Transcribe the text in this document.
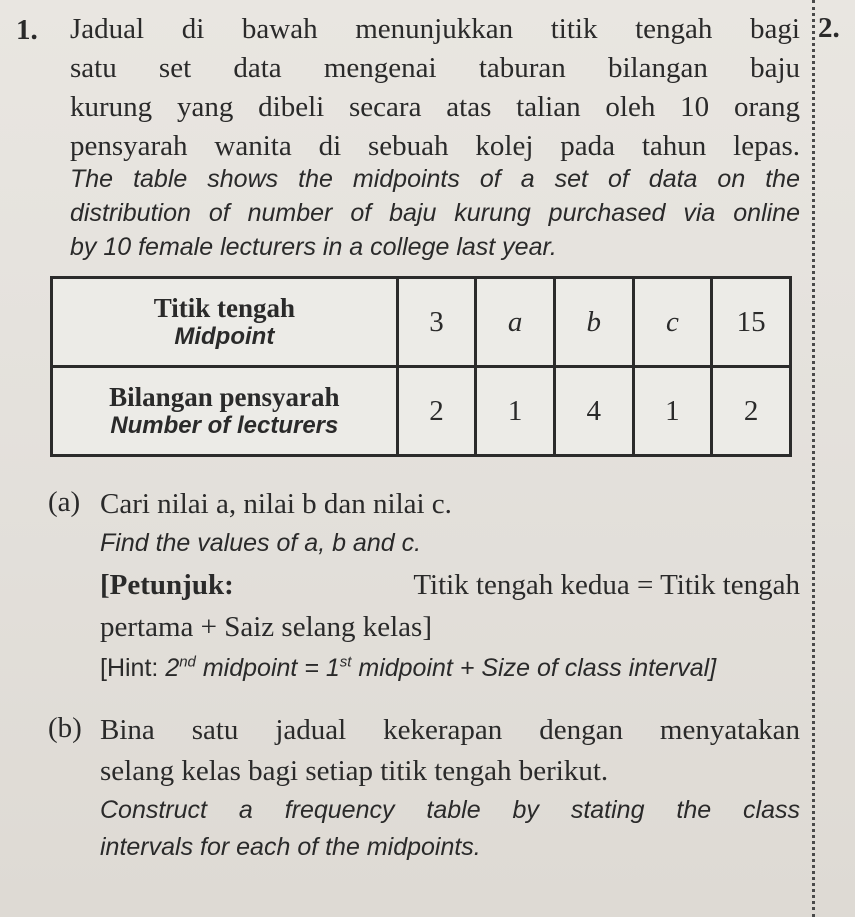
1.	2.
Jadual di bawah menunjukkan titik tengah bagi
satu set data mengenai taburan bilangan baju
kurung yang dibeli secara atas talian oleh 10 orang
pensyarah wanita di sebuah kolej pada tahun lepas.
The table shows the midpoints of a set of data on the
distribution of number of baju kurung purchased via online
by 10 female lecturers in a college last year.
Titik tengah
Midpoint	3	a	b	c	15

Bilangan pensyarah
Number of lecturers	2	1	4	1	2
(a) Cari nilai a, nilai b dan nilai c.
Find the values of a, b and c.
[Petunjuk:	Titik tengah kedua = Titik tengah
pertama + Saiz selang kelas]
[Hint: 2nd midpoint = 1st midpoint + Size of class interval]
(b) Bina satu jadual kekerapan dengan menyatakan
selang kelas bagi setiap titik tengah berikut.
Construct a frequency table by stating the class
intervals for each of the midpoints.
